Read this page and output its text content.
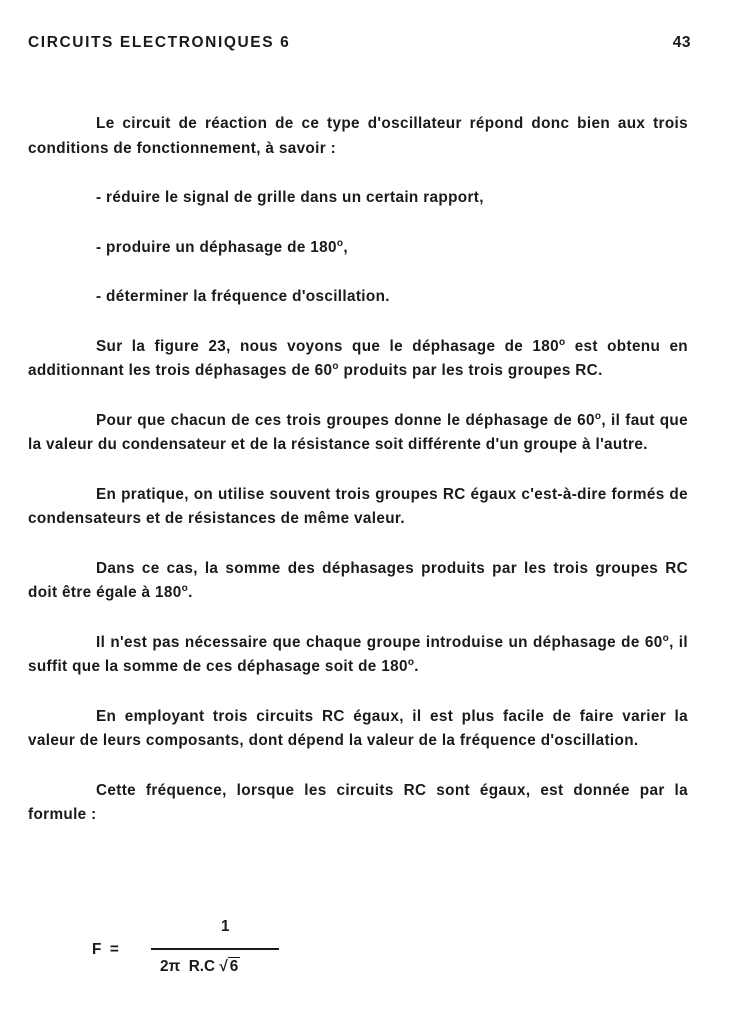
CIRCUITS ELECTRONIQUES 6	43

Le circuit de réaction de ce type d'oscillateur répond donc bien aux trois conditions de fonctionnement, à savoir :

- réduire le signal de grille dans un certain rapport,

- produire un déphasage de 180$^o$,

- déterminer la fréquence d'oscillation.

Sur la figure 23, nous voyons que le déphasage de 180$^o$ est obtenu en additionnant les trois déphasages de 60$^o$ produits par les trois groupes RC.

Pour que chacun de ces trois groupes donne le déphasage de 60$^o$, il faut que la valeur du condensateur et de la résistance soit différente d'un groupe à l'autre.

En pratique, on utilise souvent trois groupes RC égaux c'est-à-dire formés de condensateurs et de résistances de même valeur.

Dans ce cas, la somme des déphasages produits par les trois groupes RC doit être égale à 180$^o$.

Il n'est pas nécessaire que chaque groupe introduise un déphasage de 60$^o$, il suffit que la somme de ces déphasage soit de 180$^o$.

En employant trois circuits RC égaux, il est plus facile de faire varier la valeur de leurs composants, dont dépend la valeur de la fréquence d'oscillation.

Cette fréquence, lorsque les circuits RC sont égaux, est donnée par la formule :

F  =
1
2π  R.C √ 6
